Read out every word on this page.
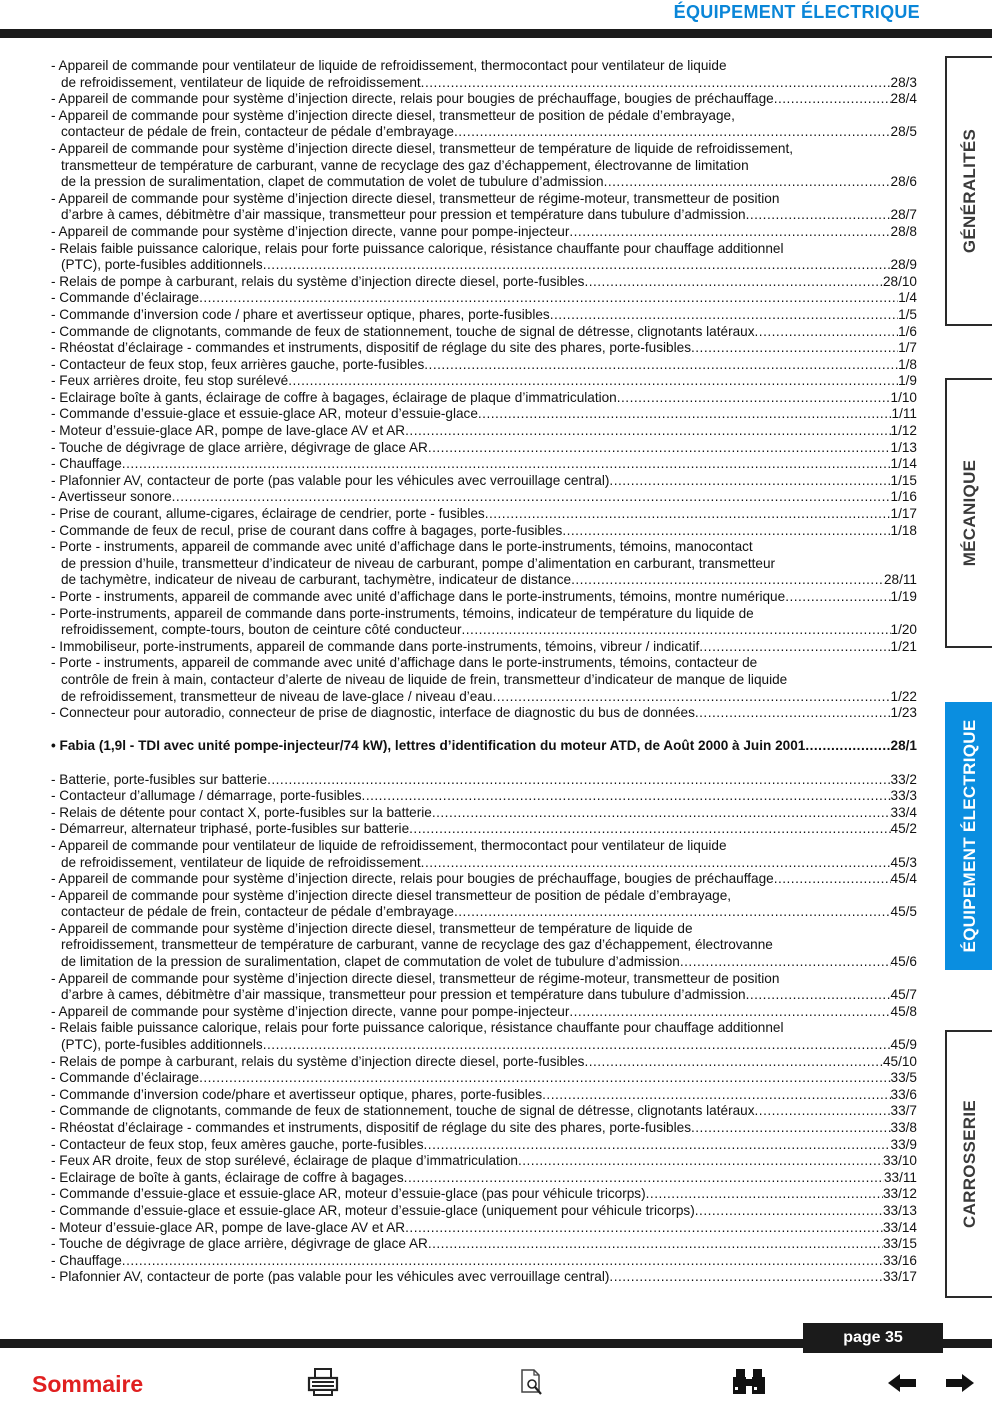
ÉQUIPEMENT ÉLECTRIQUE
GÉNÉRALITÉS
MÉCANIQUE
ÉQUIPEMENT ÉLECTRIQUE
CARROSSERIE
- Appareil de commande pour ventilateur de liquide de refroidissement, thermocontact pour ventilateur de liquide
de refroidissement, ventilateur de liquide de refroidissement .....	28/3
- Appareil de commande pour système d’injection directe, relais pour bougies de préchauffage, bougies de préchauffage .....	28/4
- Appareil de commande pour système d’injection directe diesel, transmetteur de position de pédale d’embrayage,
contacteur de pédale de frein, contacteur de pédale d’embrayage .....	28/5
- Appareil de commande pour système d’injection directe diesel, transmetteur de température de liquide de refroidissement,
transmetteur de température de carburant, vanne de recyclage des gaz d’échappement, électrovanne de limitation
de la pression de suralimentation, clapet de commutation de volet de tubulure d’admission .....	28/6
- Appareil de commande pour système d’injection directe diesel, transmetteur de régime-moteur, transmetteur de position
d’arbre à cames, débitmètre d’air massique, transmetteur pour pression et température dans tubulure d’admission .....	28/7
- Appareil de commande pour système d’injection directe, vanne pour pompe-injecteur .....	28/8
- Relais faible puissance calorique, relais pour forte puissance calorique, résistance chauffante pour chauffage additionnel
(PTC), porte-fusibles additionnels .....	28/9
- Relais de pompe à carburant, relais du système d’injection directe diesel, porte-fusibles .....	28/10
- Commande d’éclairage .....	1/4
- Commande d’inversion code / phare et avertisseur optique, phares, porte-fusibles .....	1/5
- Commande de clignotants, commande de feux de stationnement, touche de signal de détresse, clignotants latéraux .....	1/6
- Rhéostat d’éclairage - commandes et instruments, dispositif de réglage du site des phares, porte-fusibles .....	1/7
- Contacteur de feux stop, feux arrières gauche, porte-fusibles .....	1/8
- Feux arrières droite, feu stop surélevé .....	1/9
- Eclairage boîte à gants, éclairage de coffre à bagages, éclairage de plaque d’immatriculation .....	1/10
- Commande d’essuie-glace et essuie-glace AR, moteur d’essuie-glace .....	1/11
- Moteur d’essuie-glace AR, pompe de lave-glace AV et AR .....	1/12
- Touche de dégivrage de glace arrière, dégivrage de glace AR .....	1/13
- Chauffage .....	1/14
- Plafonnier AV, contacteur de porte (pas valable pour les véhicules avec verrouillage central) .....	1/15
- Avertisseur sonore .....	1/16
- Prise de courant, allume-cigares, éclairage de cendrier, porte - fusibles .....	1/17
- Commande de feux de recul, prise de courant dans coffre à bagages, porte-fusibles .....	1/18
- Porte - instruments, appareil de commande avec unité d’affichage dans le porte-instruments, témoins, manocontact
de pression d’huile, transmetteur d’indicateur de niveau de carburant, pompe d’alimentation en carburant, transmetteur
de tachymètre, indicateur de niveau de carburant, tachymètre, indicateur de distance .....	28/11
- Porte - instruments, appareil de commande avec unité d’affichage dans le porte-instruments, témoins, montre numérique .....	1/19
- Porte-instruments, appareil de commande dans porte-instruments, témoins, indicateur de température du liquide de
refroidissement, compte-tours, bouton de ceinture côté conducteur .....	1/20
- Immobiliseur, porte-instruments, appareil de commande dans porte-instruments, témoins, vibreur / indicatif .....	1/21
- Porte - instruments, appareil de commande avec unité d’affichage dans le porte-instruments, témoins, contacteur de
contrôle de frein à main, contacteur d’alerte de niveau de liquide de frein, transmetteur d’indicateur de manque de liquide
de refroidissement, transmetteur de niveau de lave-glace / niveau d’eau .....	1/22
- Connecteur pour autoradio, connecteur de prise de diagnostic, interface de diagnostic du bus de données .....	1/23
• Fabia (1,9l - TDI avec unité pompe-injecteur/74 kW), lettres d’identification du moteur ATD, de Août 2000 à Juin 2001 .....	28/1
- Batterie, porte-fusibles sur batterie .....	33/2
- Contacteur d’allumage / démarrage, porte-fusibles .....	33/3
- Relais de détente pour contact X, porte-fusibles sur la batterie .....	33/4
- Démarreur, alternateur triphasé, porte-fusibles sur batterie .....	45/2
- Appareil de commande pour ventilateur de liquide de refroidissement, thermocontact pour ventilateur de liquide
de refroidissement, ventilateur de liquide de refroidissement .....	45/3
- Appareil de commande pour système d’injection directe, relais pour bougies de préchauffage, bougies de préchauffage .....	45/4
- Appareil de commande pour système d’injection directe diesel transmetteur de position de pédale d’embrayage,
contacteur de pédale de frein, contacteur de pédale d’embrayage .....	45/5
- Appareil de commande pour système d’injection directe diesel, transmetteur de température de liquide de
refroidissement, transmetteur de température de carburant, vanne de recyclage des gaz d’échappement, électrovanne
de limitation de la pression de suralimentation, clapet de commutation de volet de tubulure d’admission .....	45/6
- Appareil de commande pour système d’injection directe diesel, transmetteur de régime-moteur, transmetteur de position
d’arbre à cames, débitmètre d’air massique, transmetteur pour pression et température dans tubulure d’admission .....	45/7
- Appareil de commande pour système d’injection directe, vanne pour pompe-injecteur .....	45/8
- Relais faible puissance calorique, relais pour forte puissance calorique, résistance chauffante pour chauffage additionnel
(PTC), porte-fusibles additionnels .....	45/9
- Relais de pompe à carburant, relais du système d’injection directe diesel, porte-fusibles .....	45/10
- Commande d’éclairage .....	33/5
- Commande d’inversion code/phare et avertisseur optique, phares, porte-fusibles .....	33/6
- Commande de clignotants, commande de feux de stationnement, touche de signal de détresse, clignotants latéraux .....	33/7
- Rhéostat d’éclairage - commandes et instruments, dispositif de réglage du site des phares, porte-fusibles .....	33/8
- Contacteur de feux stop, feux amères gauche, porte-fusibles .....	33/9
- Feux AR droite, feux de stop surélevé, éclairage de plaque d’immatriculation .....	33/10
- Eclairage de boîte à gants, éclairage de coffre à bagages .....	33/11
- Commande d’essuie-glace et essuie-glace AR, moteur d’essuie-glace (pas pour véhicule tricorps) .....	33/12
- Commande d’essuie-glace et essuie-glace AR, moteur d’essuie-glace (uniquement pour véhicule tricorps) .....	33/13
- Moteur d’essuie-glace AR, pompe de lave-glace AV et AR .....	33/14
- Touche de dégivrage de glace arrière, dégivrage de glace AR .....	33/15
- Chauffage .....	33/16
- Plafonnier AV, contacteur de porte (pas valable pour les véhicules avec verrouillage central) .....	33/17
page 35
Sommaire
